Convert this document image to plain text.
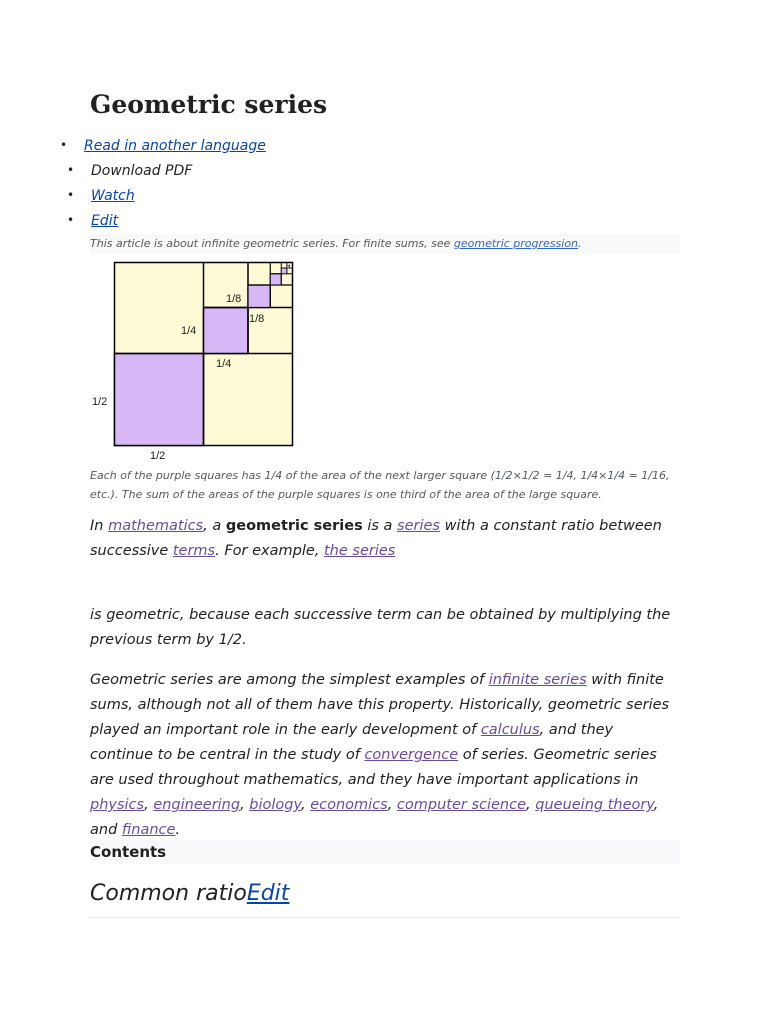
Geometric series
• Read in another language
• Download PDF
• Watch
• Edit
This article is about infinite geometric series. For finite sums, see geometric progression.
1/2
1/2
1/4
1/4
1/8
1/8
Each of the purple squares has 1/4 of the area of the next larger square (1/2×1/2 = 1/4, 1/4×1/4 = 1/16, etc.). The sum of the areas of the purple squares is one third of the area of the large square.

In mathematics, a geometric series is a series with a constant ratio between successive terms. For example, the series

is geometric, because each successive term can be obtained by multiplying the previous term by 1/2.

Geometric series are among the simplest examples of infinite series with finite sums, although not all of them have this property. Historically, geometric series played an important role in the early development of calculus, and they continue to be central in the study of convergence of series. Geometric series are used throughout mathematics, and they have important applications in physics, engineering, biology, economics, computer science, queueing theory, and finance.

Contents
Common ratioEdit
